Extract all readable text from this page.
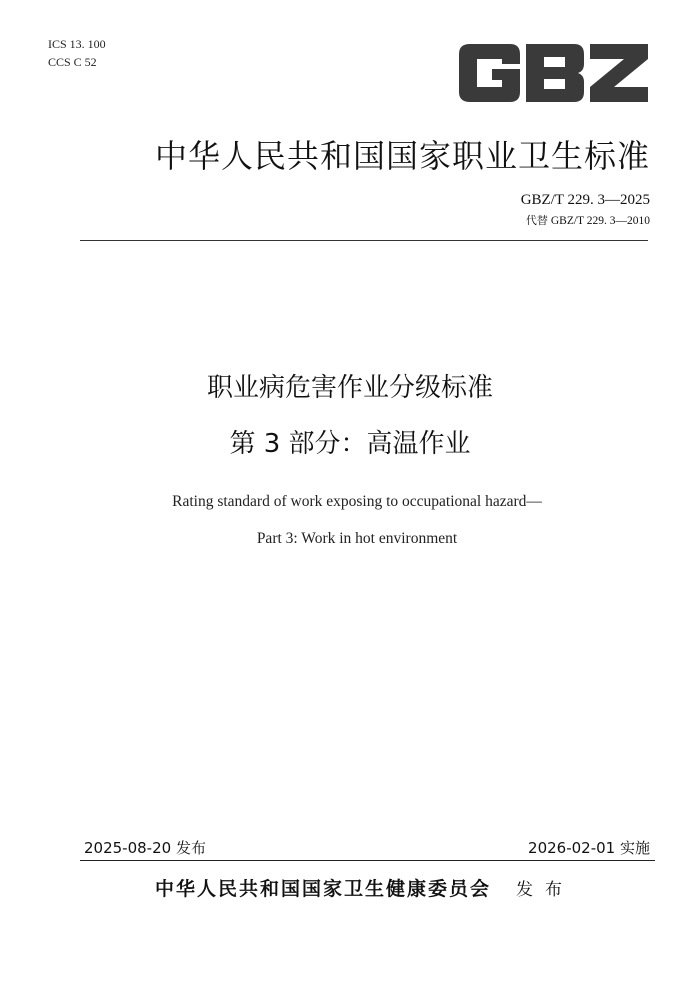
ICS 13. 100
CCS C 52
中华人民共和国国家职业卫生标准
GBZ/T 229. 3—2025
代替 GBZ/T 229. 3—2010
职业病危害作业分级标准
第 3 部分：高温作业
Rating standard of work exposing to occupational hazard—
Part 3: Work in hot environment
2025-08-20 发布	2026-02-01 实施
中华人民共和国国家卫生健康委员会 发布
